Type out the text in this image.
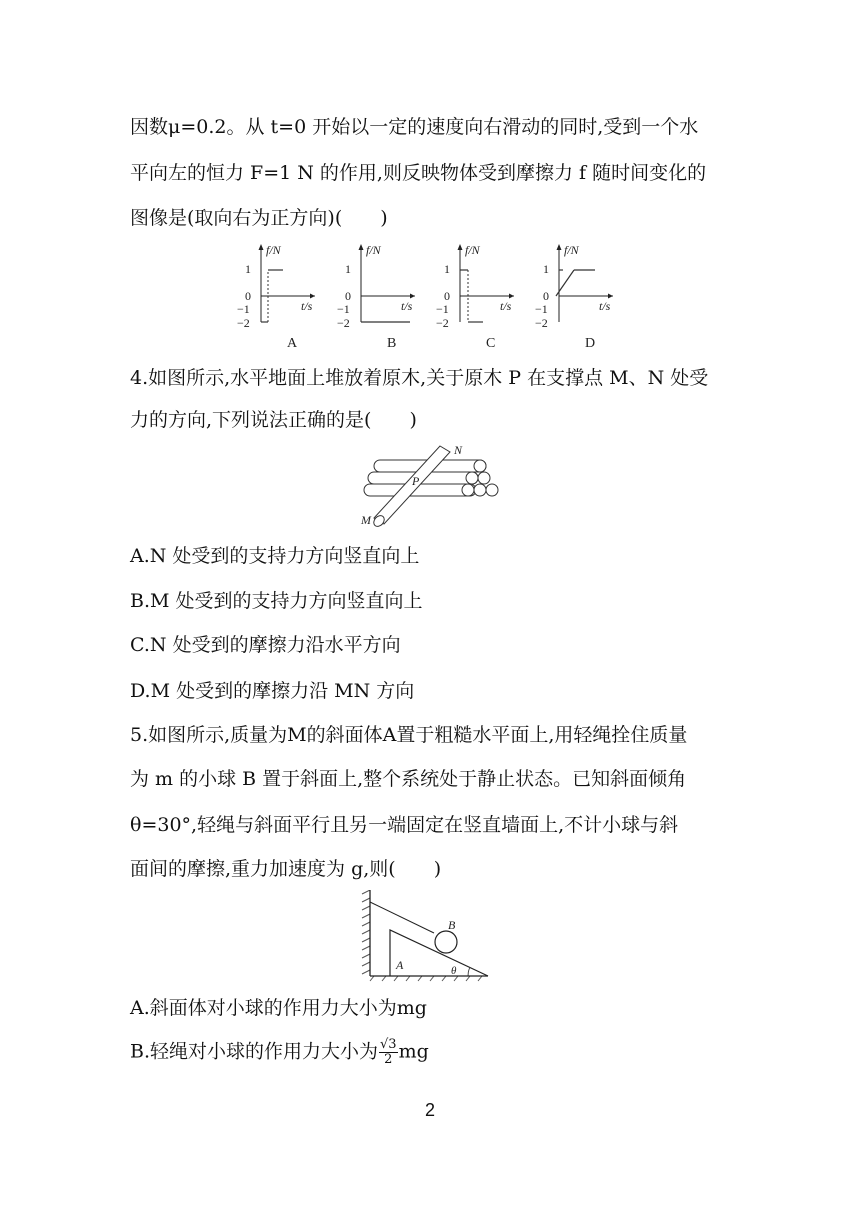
因数μ=0.2。从 t=0 开始以一定的速度向右滑动的同时,受到一个水
平向左的恒力 F=1 N 的作用,则反映物体受到摩擦力 f 随时间变化的
图像是(取向右为正方向)(　　)
f/N
t/s
1
0
−1
−2
A
f/N
t/s
1
0
−1
−2
B
f/N
t/s
1
0
−1
−2
C
f/N
t/s
1
0
−1
−2
D
4.如图所示,水平地面上堆放着原木,关于原木 P 在支撑点 M、N 处受
力的方向,下列说法正确的是(　　)
N
P
M
A.N 处受到的支持力方向竖直向上
B.M 处受到的支持力方向竖直向上
C.N 处受到的摩擦力沿水平方向
D.M 处受到的摩擦力沿 MN 方向
5.如图所示,质量为M的斜面体A置于粗糙水平面上,用轻绳拴住质量
为 m 的小球 B 置于斜面上,整个系统处于静止状态。已知斜面倾角
θ=30°,轻绳与斜面平行且另一端固定在竖直墙面上,不计小球与斜
面间的摩擦,重力加速度为 g,则(　　)
B
A	θ
A.斜面体对小球的作用力大小为mg
B.轻绳对小球的作用力大小为 $\frac{√3}{2}$ mg
2
